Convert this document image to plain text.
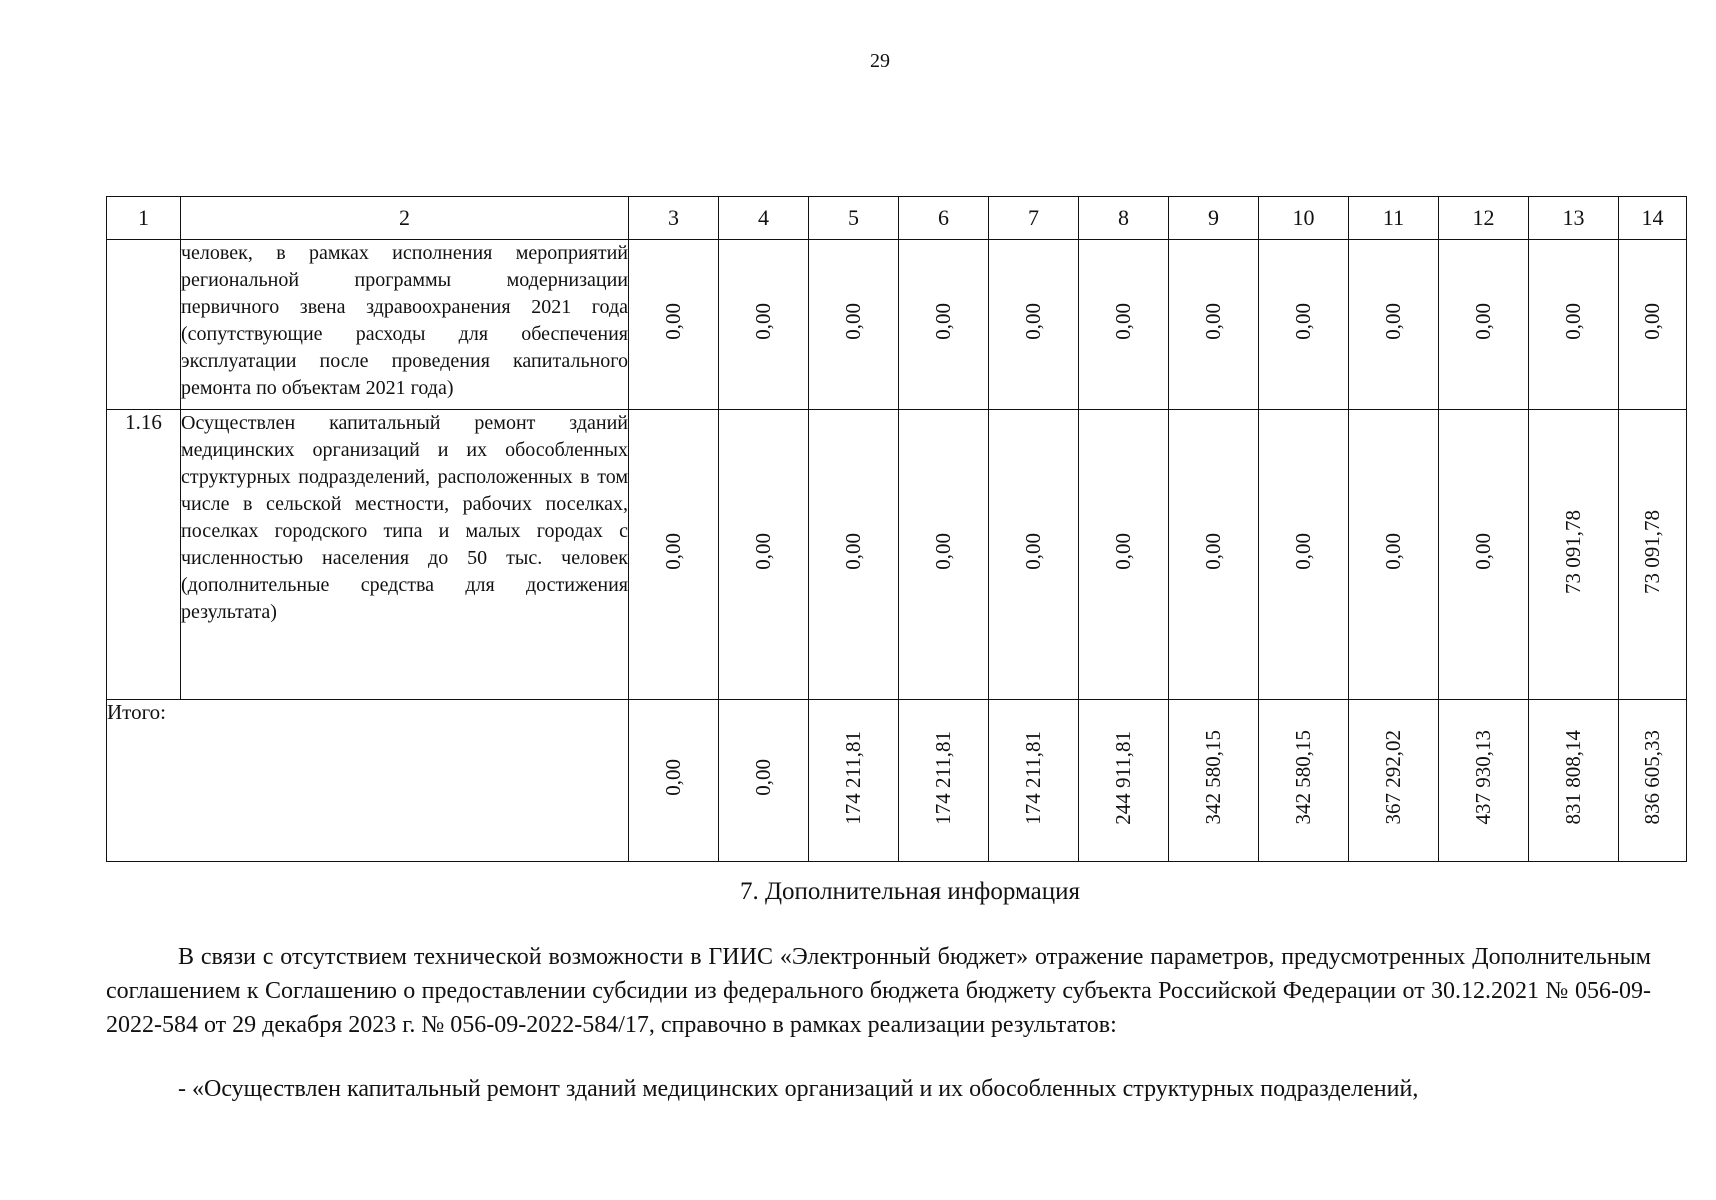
29
1	2	3	4	5	6	7	8	9	10	11	12	13	14
	человек, в рамках исполнения мероприятий региональной программы модернизации первичного звена здравоохранения 2021 года (сопутствующие расходы для обеспечения эксплуатации после проведения капитального ремонта по объектам 2021 года)	0,00	0,00	0,00	0,00	0,00	0,00	0,00	0,00	0,00	0,00	0,00	0,00
1.16	Осуществлен капитальный ремонт зданий медицинских организаций и их обособленных структурных подразделений, расположенных в том числе в сельской местности, рабочих поселках, поселках городского типа и малых городах с численностью населения до 50 тыс. человек (дополнительные средства для достижения результата)	0,00	0,00	0,00	0,00	0,00	0,00	0,00	0,00	0,00	0,00	73 091,78	73 091,78
Итого:		0,00	0,00	174 211,81	174 211,81	174 211,81	244 911,81	342 580,15	342 580,15	367 292,02	437 930,13	831 808,14	836 605,33
7. Дополнительная информация
В связи с отсутствием технической возможности в ГИИС «Электронный бюджет» отражение параметров, предусмотренных Дополнительным соглашением к Соглашению о предоставлении субсидии из федерального бюджета бюджету субъекта Российской Федерации от 30.12.2021 № 056-09-2022-584 от 29 декабря 2023 г. № 056-09-2022-584/17, справочно в рамках реализации результатов:
- «Осуществлен капитальный ремонт зданий медицинских организаций и их обособленных структурных подразделений,
